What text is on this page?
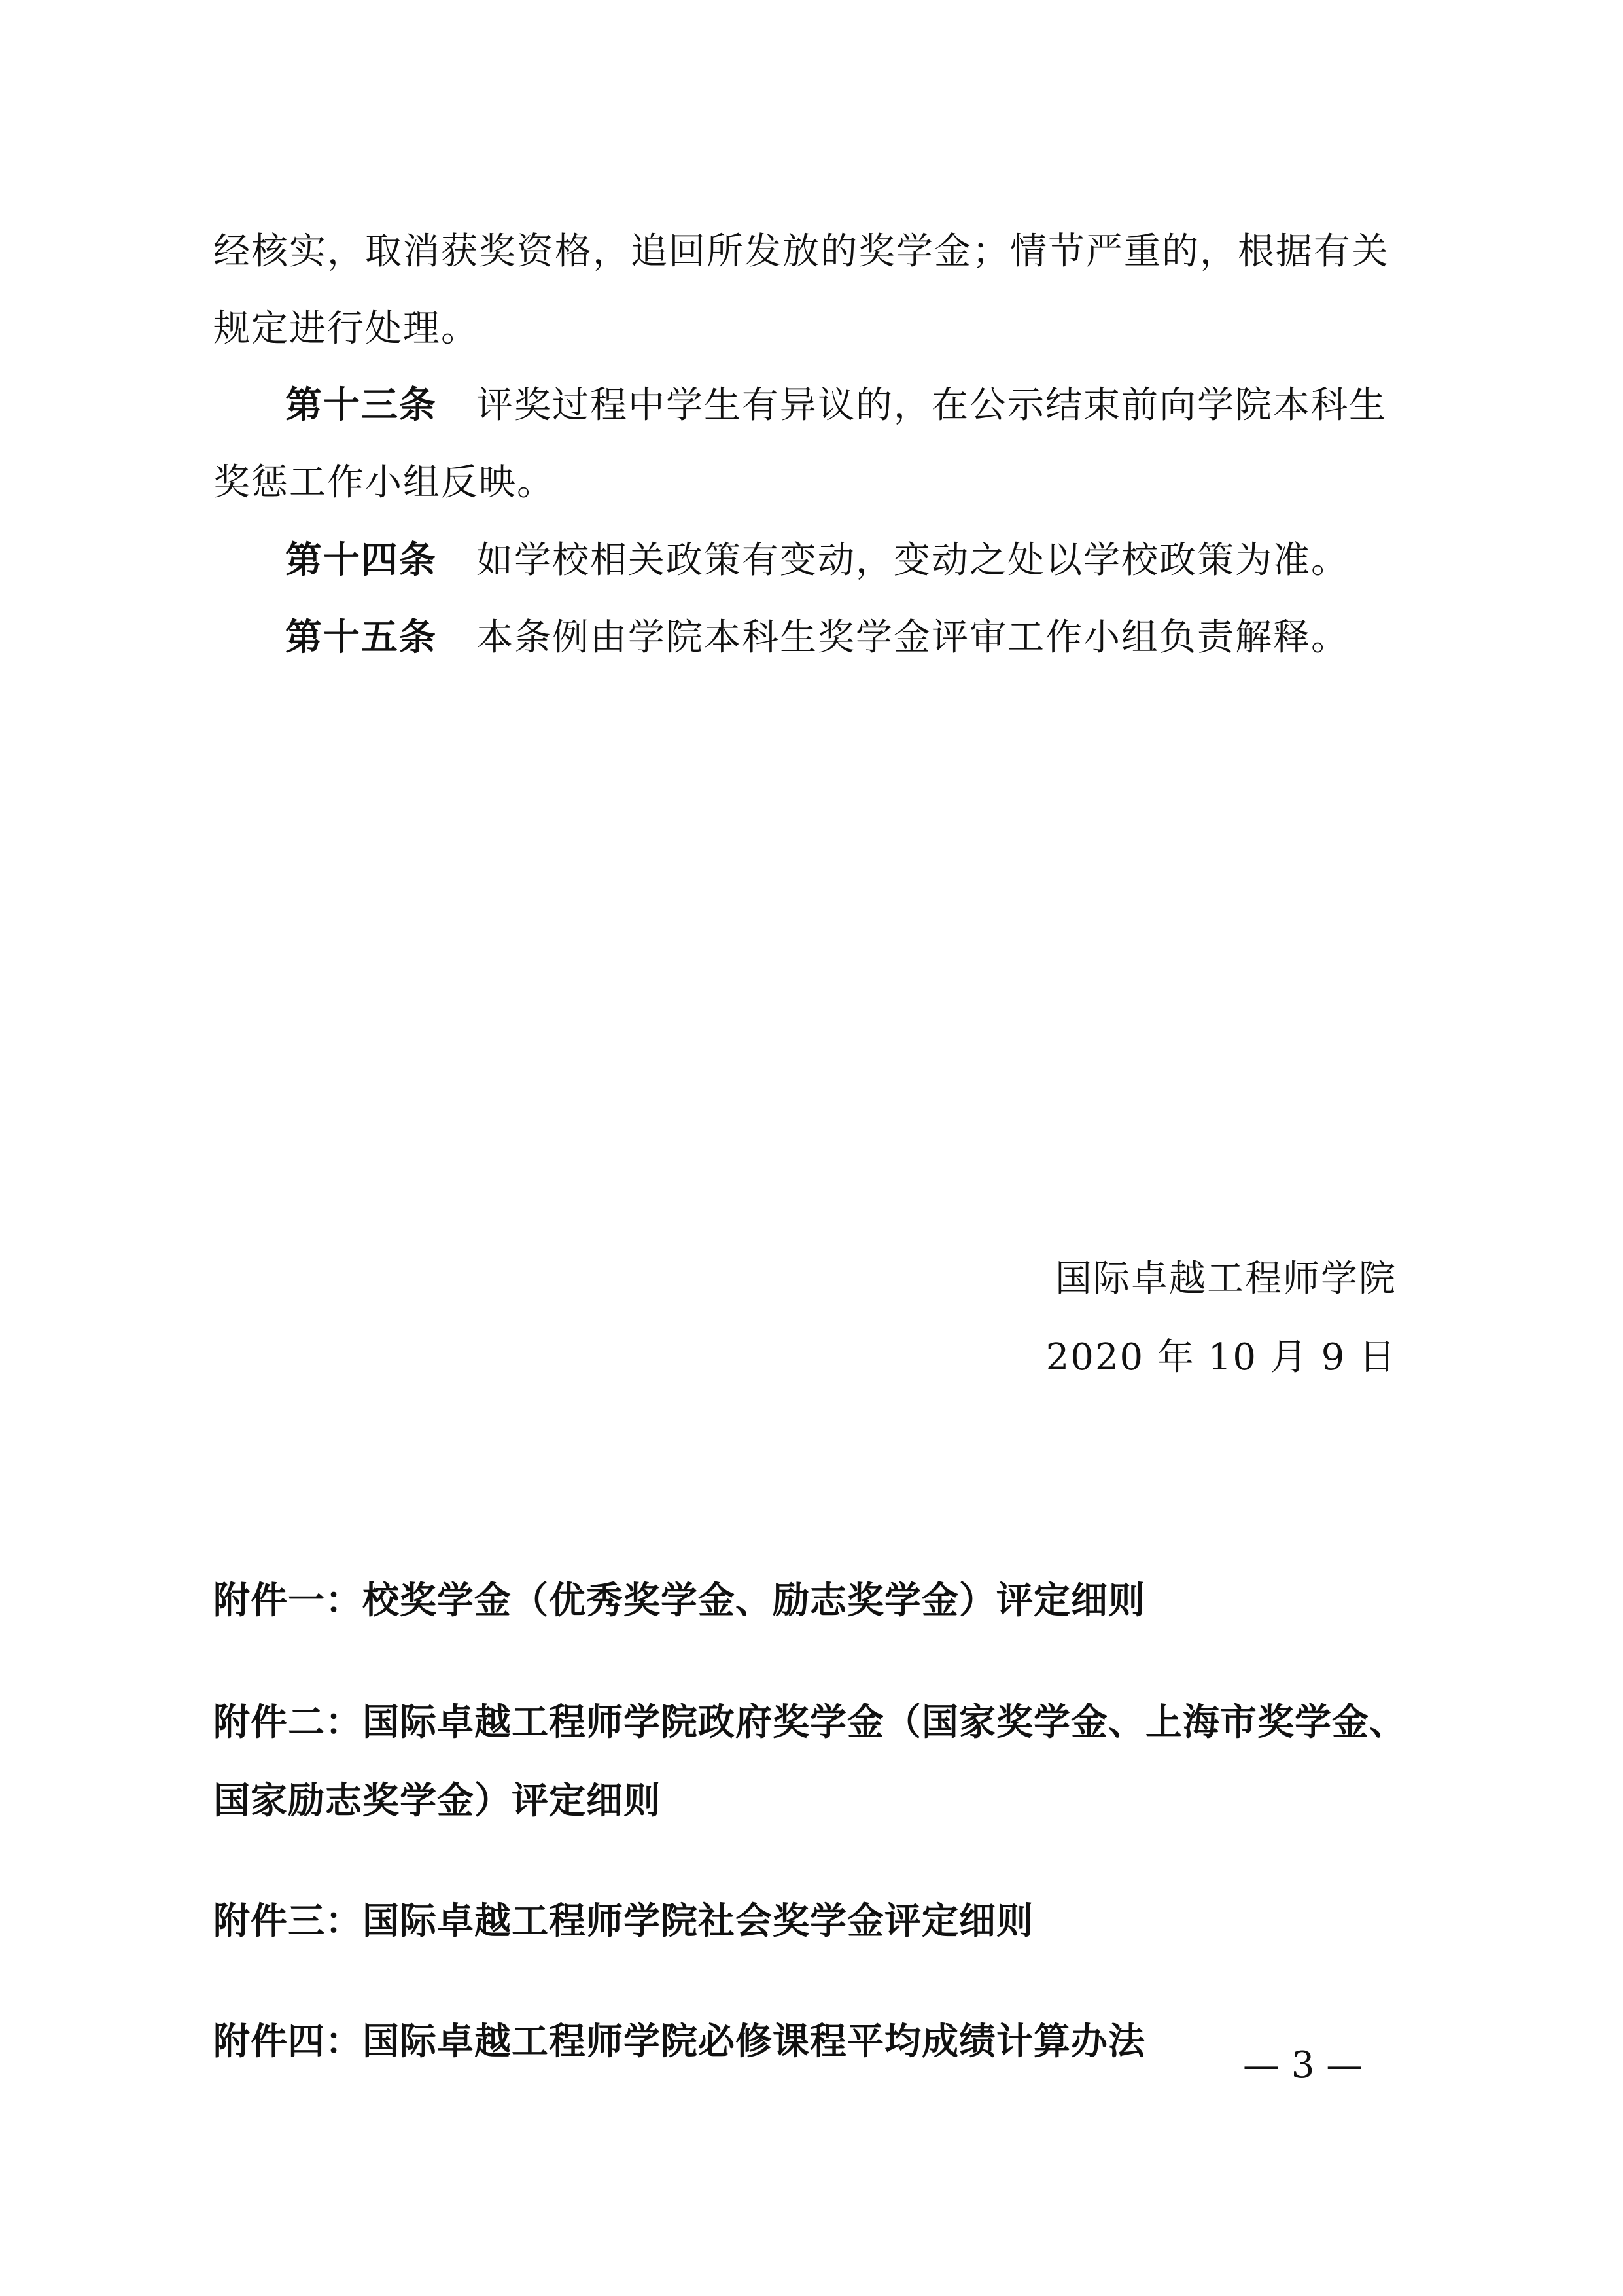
经核实，取消获奖资格，追回所发放的奖学金；情节严重的，根据有关
规定进行处理。
第十三条 评奖过程中学生有异议的，在公示结束前向学院本科生
奖惩工作小组反映。
第十四条 如学校相关政策有变动，变动之处以学校政策为准。
第十五条 本条例由学院本科生奖学金评审工作小组负责解释。
国际卓越工程师学院
2020 年 10 月 9 日
附件一：校奖学金（优秀奖学金、励志奖学金）评定细则
附件二：国际卓越工程师学院政府奖学金（国家奖学金、上海市奖学金、
国家励志奖学金）评定细则
附件三：国际卓越工程师学院社会奖学金评定细则
附件四：国际卓越工程师学院必修课程平均成绩计算办法
— 3 —
